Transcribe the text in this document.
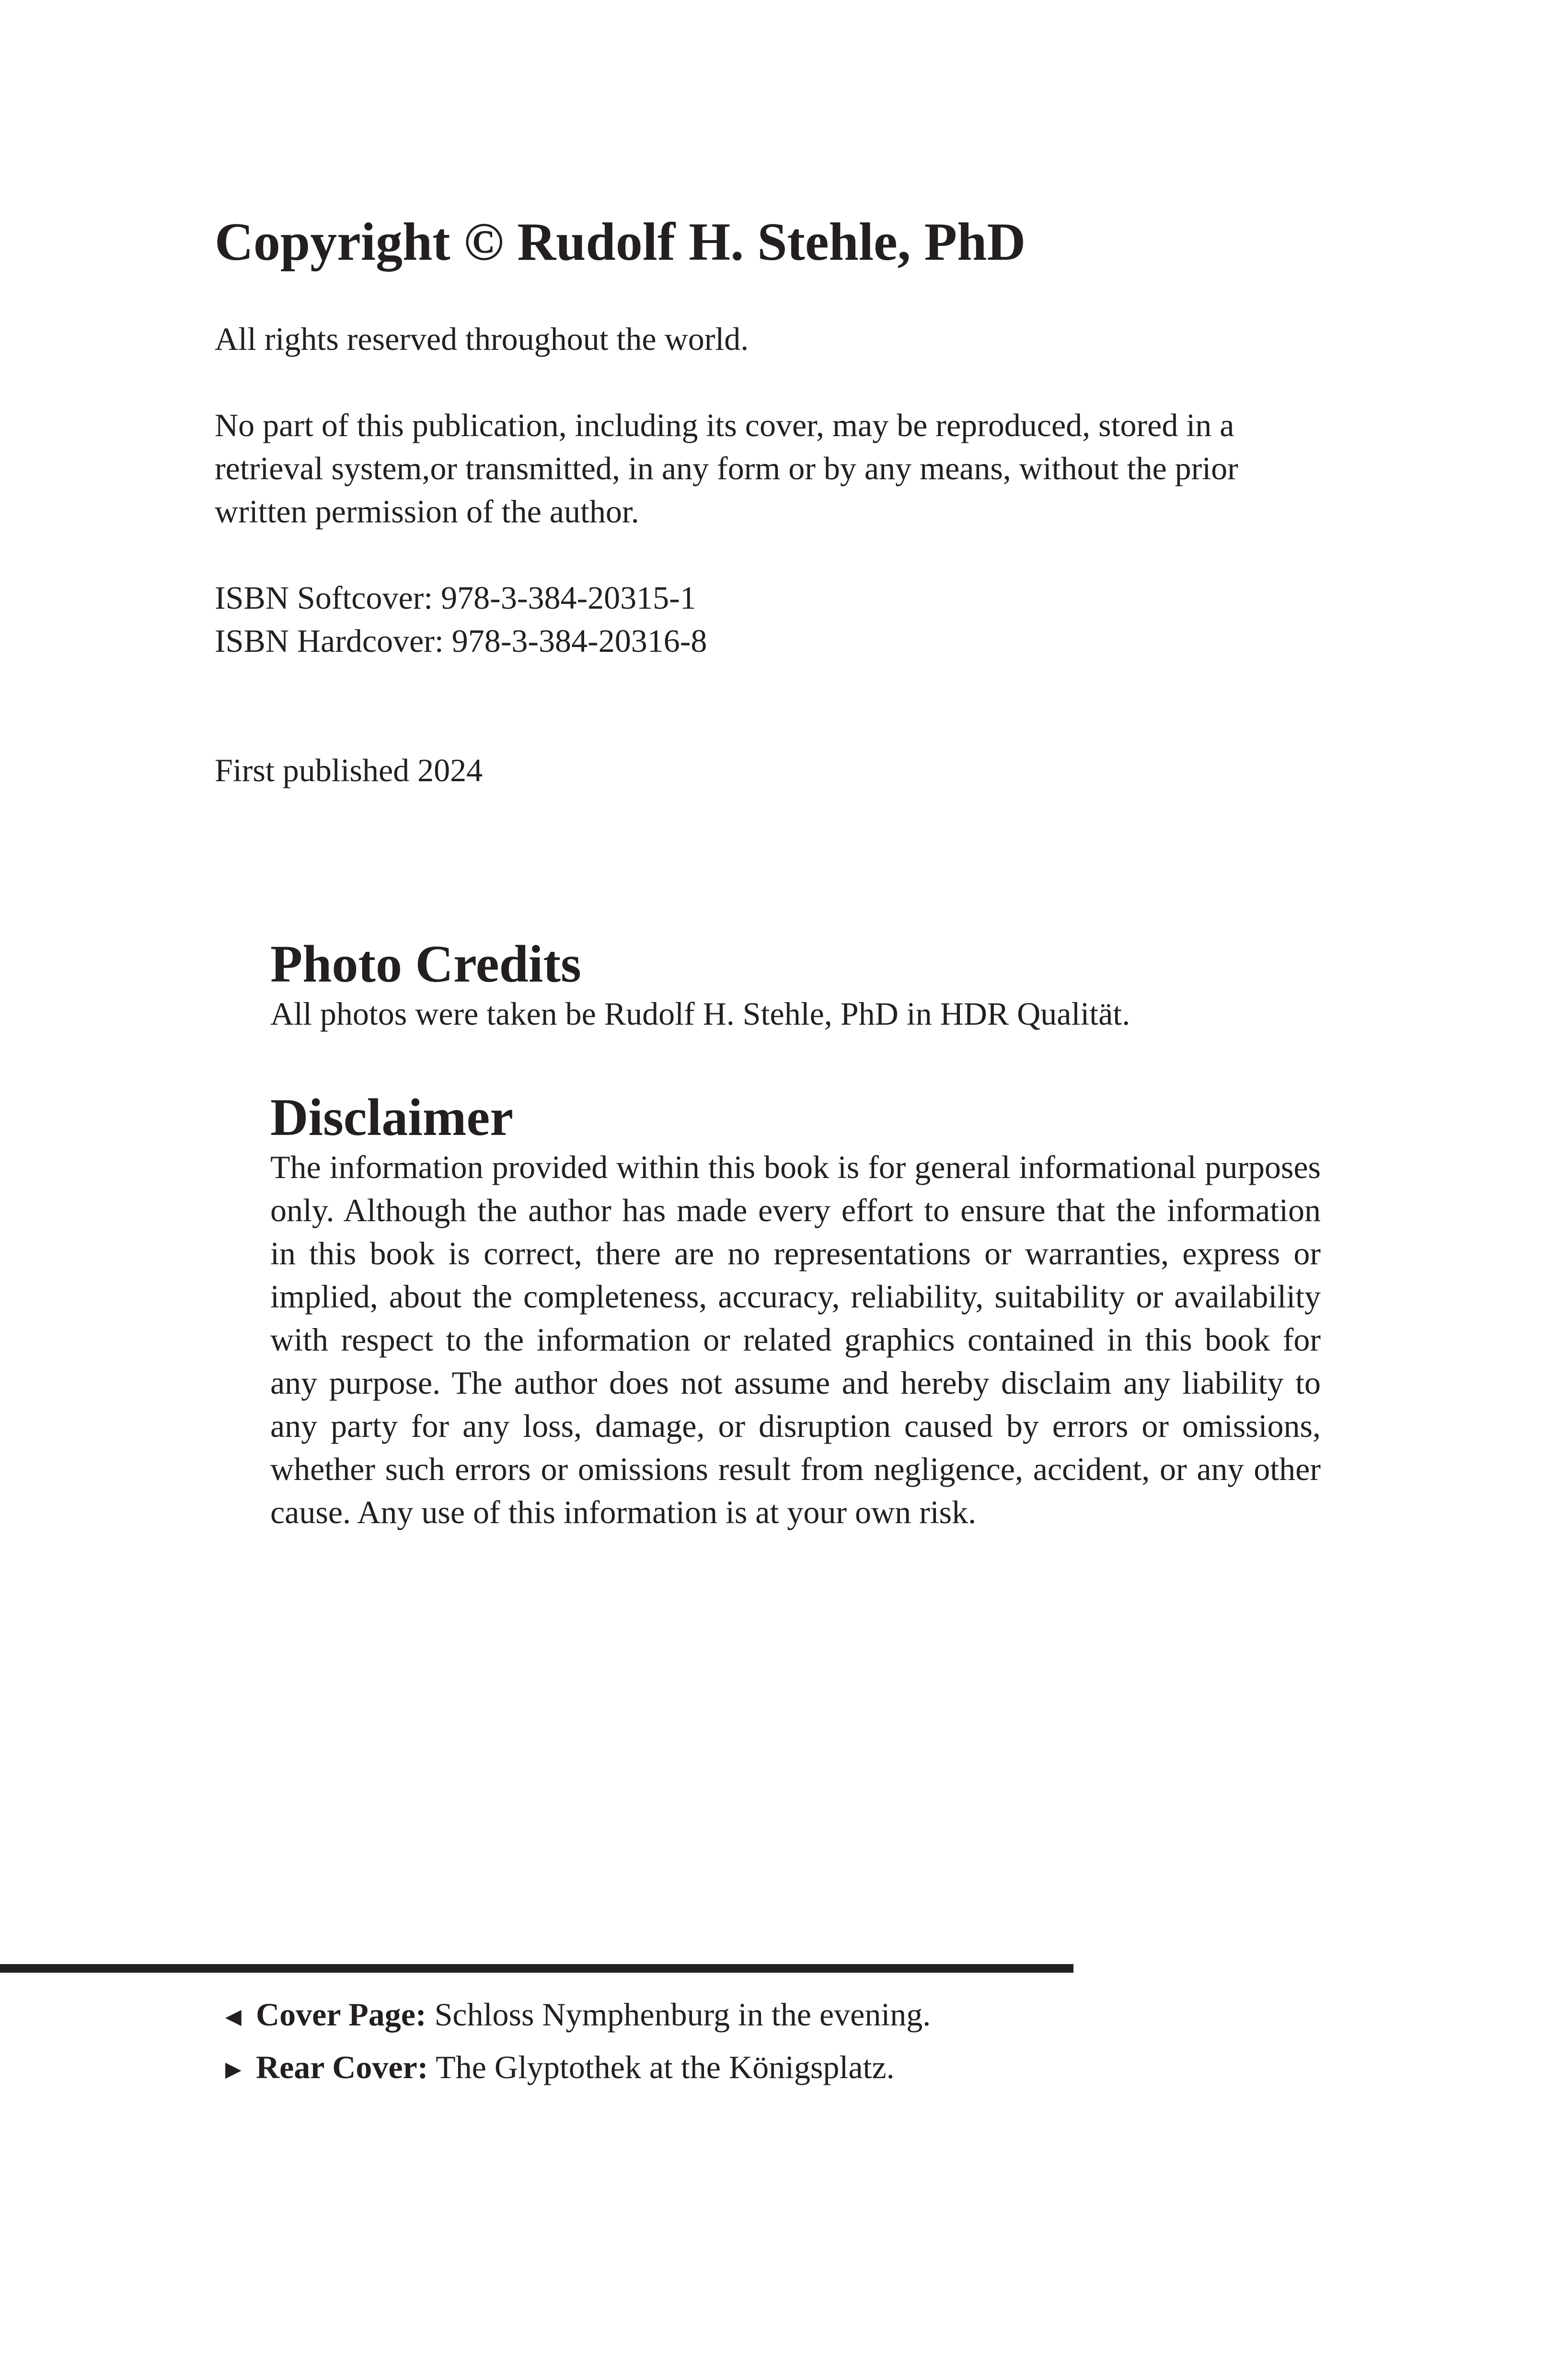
Copyright © Rudolf H. Stehle, PhD
All rights reserved throughout the world.
No part of this publication, including its cover, may be reproduced, stored in a
retrieval system,or transmitted, in any form or by any means, without the prior
written permission of the author.
ISBN Softcover: 978-3-384-20315-1
ISBN Hardcover: 978-3-384-20316-8
First published 2024
Photo Credits

All photos were taken be Rudolf H. Stehle, PhD in HDR Qualität.

Disclaimer

The information provided within this book is for general informational purposes only. Although the author has made every effort to ensure that the information in this book is correct, there are no representations or warranties, express or implied, about the completeness, accuracy, reliability, suitability or availability with respect to the information or related graphics contained in this book for any purpose. The author does not assume and hereby disclaim any liability to any party for any loss, damage, or disruption caused by errors or omissions, whether such errors or omissions result from negligence, accident, or any other cause. Any use of this information is at your own risk.

◀ Cover Page: Schloss Nymphenburg in the evening.
▶ Rear Cover: The Glyptothek at the Königsplatz.
